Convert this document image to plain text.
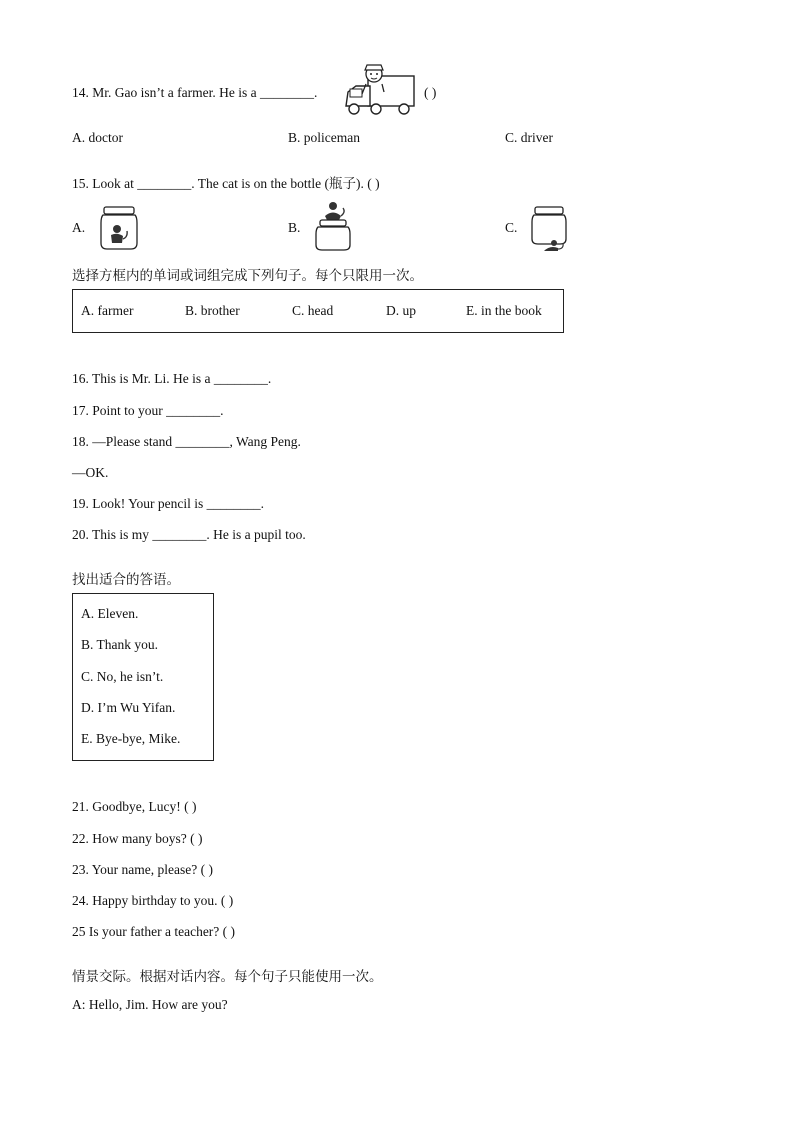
14. Mr. Gao isn’t a farmer. He is a ________.	( )
A. doctor	B. policeman	C. driver
15. Look at ________. The cat is on the bottle (瓶子). ( )
A.	B.	C.
选择方框内的单词或词组完成下列句子。每个只限用一次。
A. farmer	B. brother	C. head	D. up	E. in the book
16. This is Mr. Li. He is a ________.
17. Point to your ________.
18. —Please stand ________, Wang Peng.
—OK.
19. Look! Your pencil is ________.
20. This is my ________. He is a pupil too.
找出适合的答语。
A. Eleven.
B. Thank you.
C. No, he isn’t.
D. I’m Wu Yifan.
E. Bye-bye, Mike.
21. Goodbye, Lucy! ( )
22. How many boys? ( )
23. Your name, please? ( )
24. Happy birthday to you. ( )
25 Is your father a teacher? ( )
情景交际。根据对话内容。每个句子只能使用一次。
A: Hello, Jim. How are you?
